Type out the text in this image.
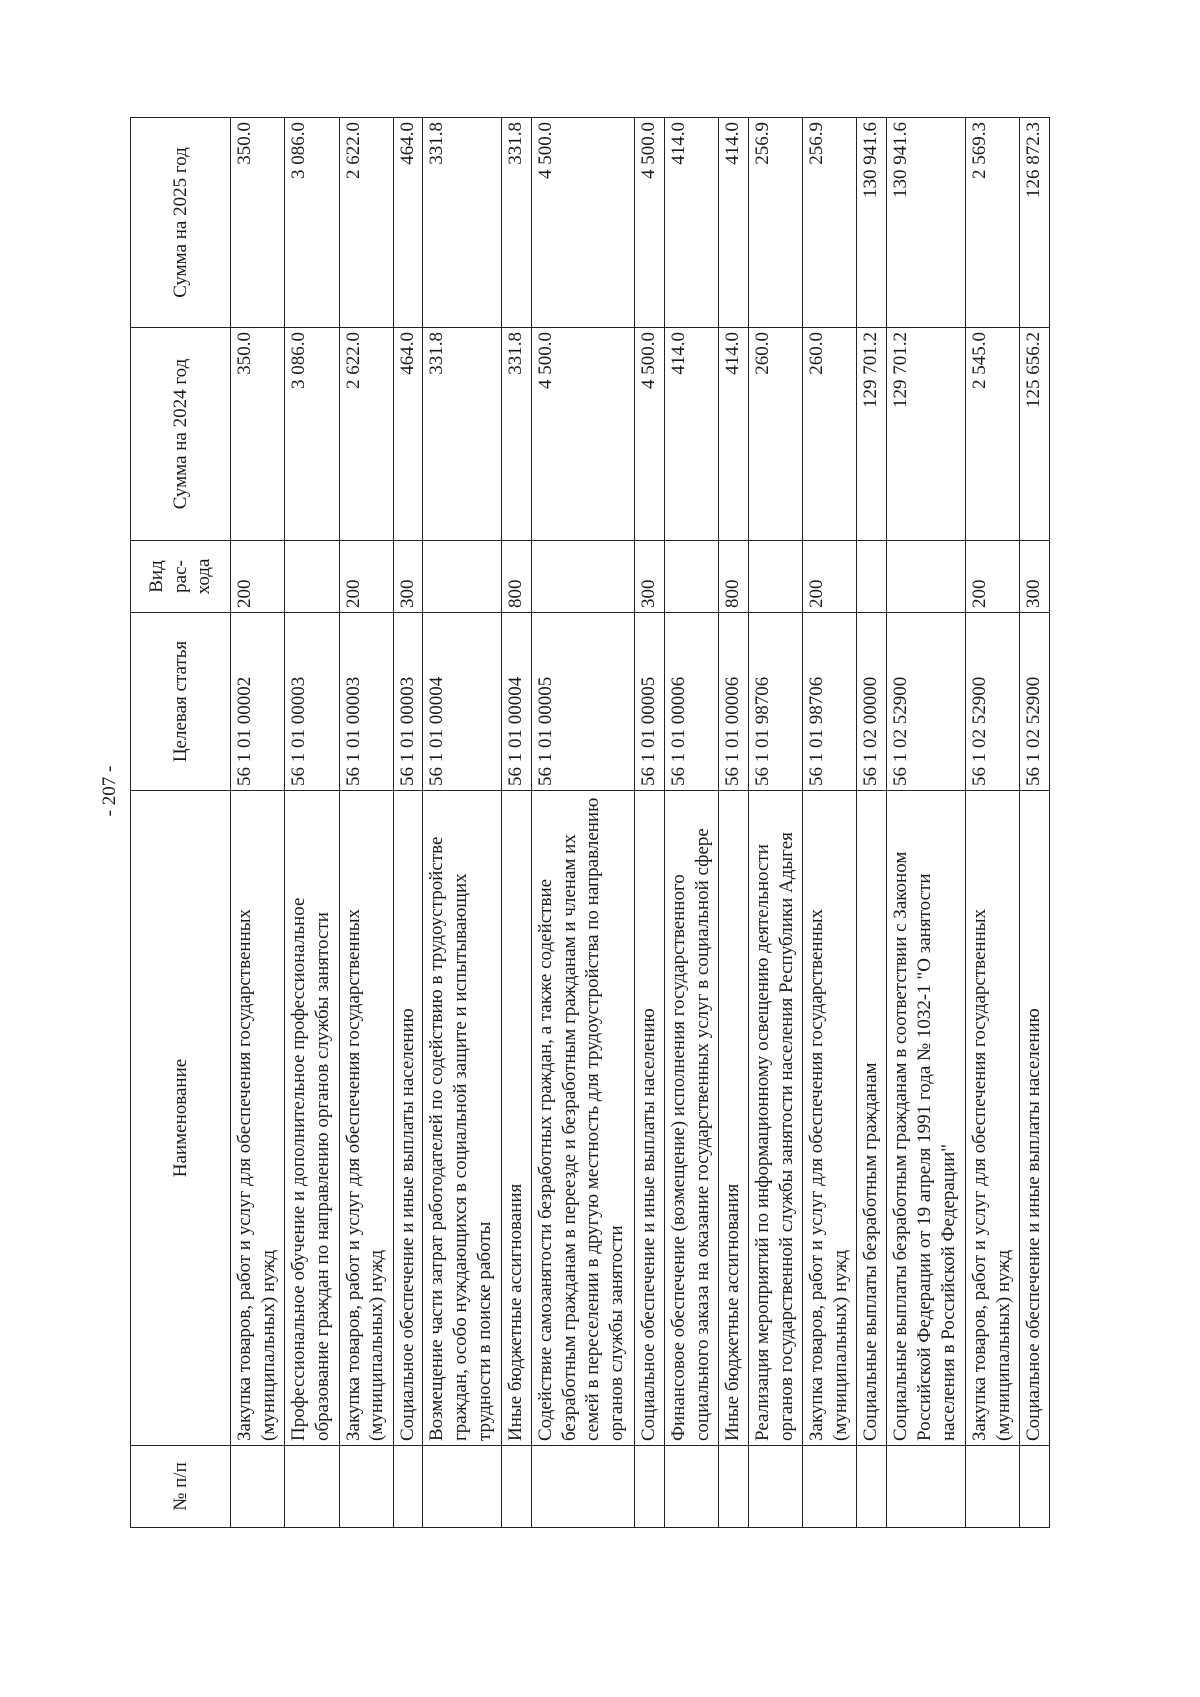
- 207 -
№ п/п	Наименование	Целевая статья	Вид рас-хода	Сумма на 2024 год	Сумма на 2025 год
	Закупка товаров, работ и услуг для обеспечения государственных (муниципальных) нужд	56 1 01 00002	200	350.0	350.0
	Профессиональное обучение и дополнительное профессиональное образование граждан по направлению органов службы занятости	56 1 01 00003		3 086.0	3 086.0
	Закупка товаров, работ и услуг для обеспечения государственных (муниципальных) нужд	56 1 01 00003	200	2 622.0	2 622.0
	Социальное обеспечение и иные выплаты населению	56 1 01 00003	300	464.0	464.0
	Возмещение части затрат работодателей по содействию в трудоустройстве граждан, особо нуждающихся в социальной защите и испытывающих трудности в поиске работы	56 1 01 00004		331.8	331.8
	Иные бюджетные ассигнования	56 1 01 00004	800	331.8	331.8
	Содействие самозанятости безработных граждан, а также содействие безработным гражданам в переезде и безработным гражданам и членам их семей в переселении в другую местность для трудоустройства по направлению органов службы занятости	56 1 01 00005		4 500.0	4 500.0
	Социальное обеспечение и иные выплаты населению	56 1 01 00005	300	4 500.0	4 500.0
	Финансовое обеспечение (возмещение) исполнения государственного социального заказа на оказание государственных услуг в социальной сфере	56 1 01 00006		414.0	414.0
	Иные бюджетные ассигнования	56 1 01 00006	800	414.0	414.0
	Реализация мероприятий по информационному освещению деятельности органов государственной службы занятости населения Республики Адыгея	56 1 01 98706		260.0	256.9
	Закупка товаров, работ и услуг для обеспечения государственных (муниципальных) нужд	56 1 01 98706	200	260.0	256.9
	Социальные выплаты безработным гражданам	56 1 02 00000		129 701.2	130 941.6
	Социальные выплаты безработным гражданам в соответствии с Законом Российской Федерации от 19 апреля 1991 года № 1032-1 "О занятости населения в Российской Федерации"	56 1 02 52900		129 701.2	130 941.6
	Закупка товаров, работ и услуг для обеспечения государственных (муниципальных) нужд	56 1 02 52900	200	2 545.0	2 569.3
	Социальное обеспечение и иные выплаты населению	56 1 02 52900	300	125 656.2	126 872.3
